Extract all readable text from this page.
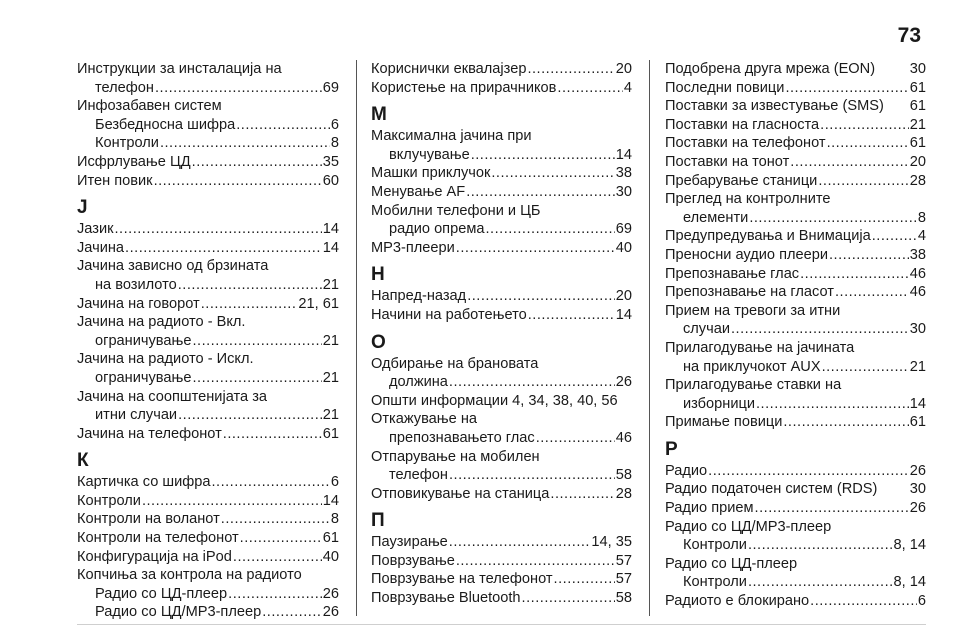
73
Инструкции за инсталација на
телефон .....	69
Инфозабавен систем
Безбедносна шифра .....	6
Контроли .....	8
Исфрлување ЦД .....	35
Итен повик .....	60
Ј
Јазик .....	14
Јачина .....	14
Јачина зависно од брзината
на возилото .....	21
Јачина на говорот .....	21, 61
Јачина на радиото - Вкл.
ограничување .....	21
Јачина на радиото - Искл.
ограничување .....	21
Јачина на соопштенијата за
итни случаи .....	21
Јачина на телефонот .....	61
К
Картичка со шифра .....	6
Контроли .....	14
Контроли на воланот .....	8
Контроли на телефонот .....	61
Конфигурација на iPod .....	40
Копчиња за контрола на радиото
Радио со ЦД-плеер .....	26
Радио со ЦД/MP3-плеер .....	26
Кориснички еквалајзер .....	20
Користење на прирачников .....	4
М
Максимална јачина при
вклучување .....	14
Машки приклучок .....	38
Менување AF .....	30
Мобилни телефони и ЦБ
радио опрема .....	69
MP3-плеери .....	40
Н
Напред-назад .....	20
Начини на работењето .....	14
О
Одбирање на брановата
должина .....	26
Општи информации 4, 34, 38, 40, 56
Откажување на
препознавањето глас .....	46
Отпарување на мобилен
телефон .....	58
Отповикување на станица .....	28
П
Паузирање .....	14, 35
Поврзување .....	57
Поврзување на телефонот .....	57
Поврзување Bluetooth .....	58
Подобрена друга мрежа (EON) 30
Последни повици .....	61
Поставки за известување (SMS) 61
Поставки на гласноста .....	21
Поставки на телефонот .....	61
Поставки на тонот .....	20
Пребарување станици .....	28
Преглед на контролните
елементи .....	8
Предупредувања и Внимација .....	4
Преносни аудио плеери .....	38
Препознавање глас .....	46
Препознавање на гласот .....	46
Прием на тревоги за итни
случаи .....	30
Прилагодување на јачината
на приклучокот AUX .....	21
Прилагодување ставки на
изборници .....	14
Примање повици .....	61
Р
Радио .....	26
Радио податочен систем (RDS) 30
Радио прием .....	26
Радио со ЦД/MP3-плеер
Контроли .....	8, 14
Радио со ЦД-плеер
Контроли .....	8, 14
Радиото е блокирано .....	6
